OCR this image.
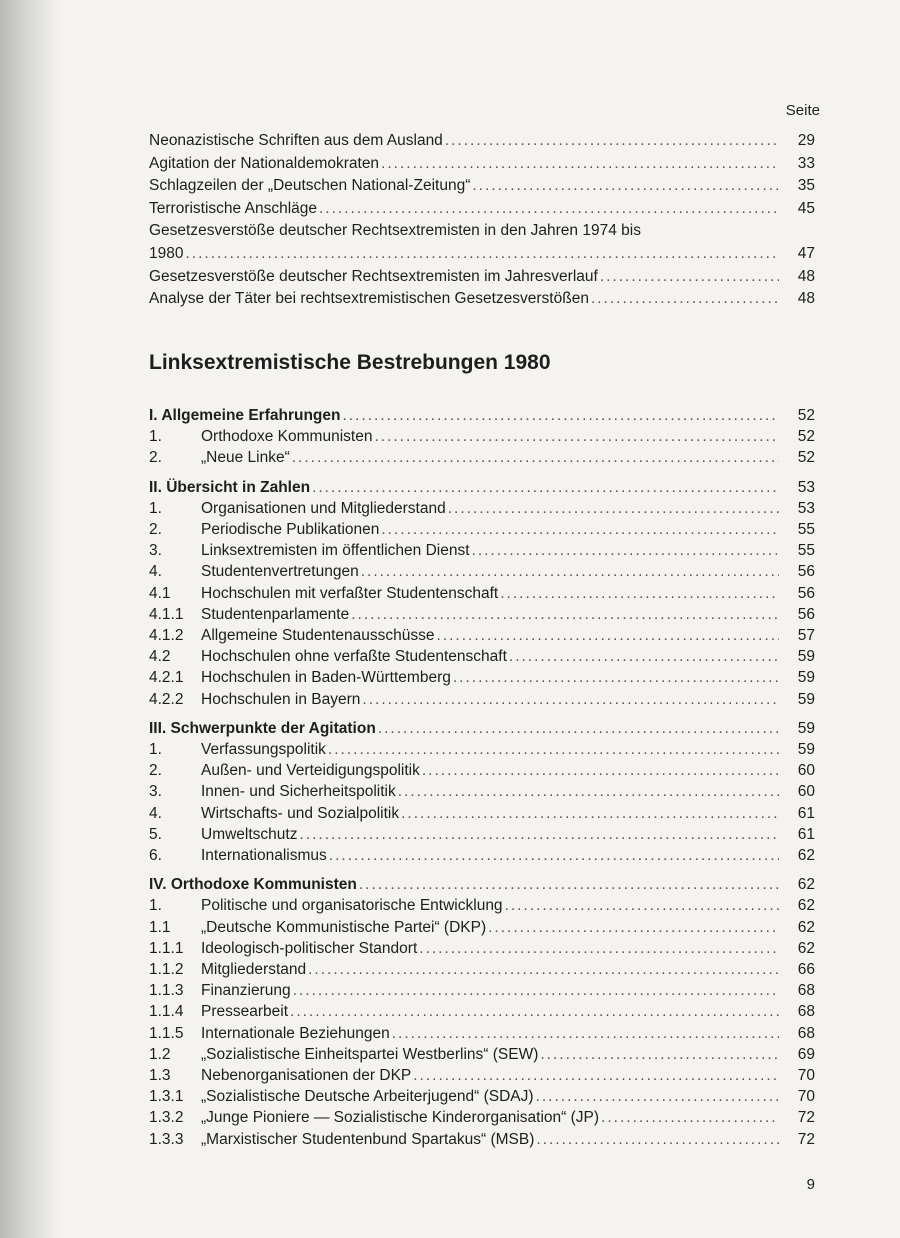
Seite
Neonazistische Schriften aus dem Ausland .....	29
Agitation der Nationaldemokraten .....	33
Schlagzeilen der „Deutschen National-Zeitung“ .....	35
Terroristische Anschläge .....	45
Gesetzesverstöße deutscher Rechtsextremisten in den Jahren 1974 bis
1980 .....	47
Gesetzesverstöße deutscher Rechtsextremisten im Jahresverlauf .....	48
Analyse der Täter bei rechtsextremistischen Gesetzesverstößen .....	48
Linksextremistische Bestrebungen 1980
I. Allgemeine Erfahrungen .....	52
1.	Orthodoxe Kommunisten .....	52
2.	„Neue Linke“ .....	52
II. Übersicht in Zahlen .....	53
1.	Organisationen und Mitgliederstand .....	53
2.	Periodische Publikationen .....	55
3.	Linksextremisten im öffentlichen Dienst .....	55
4.	Studentenvertretungen .....	56
4.1	Hochschulen mit verfaßter Studentenschaft .....	56
4.1.1	Studentenparlamente .....	56
4.1.2	Allgemeine Studentenausschüsse .....	57
4.2	Hochschulen ohne verfaßte Studentenschaft .....	59
4.2.1	Hochschulen in Baden-Württemberg .....	59
4.2.2	Hochschulen in Bayern .....	59
III. Schwerpunkte der Agitation .....	59
1.	Verfassungspolitik .....	59
2.	Außen- und Verteidigungspolitik .....	60
3.	Innen- und Sicherheitspolitik .....	60
4.	Wirtschafts- und Sozialpolitik .....	61
5.	Umweltschutz .....	61
6.	Internationalismus .....	62
IV. Orthodoxe Kommunisten .....	62
1.	Politische und organisatorische Entwicklung .....	62
1.1	„Deutsche Kommunistische Partei“ (DKP) .....	62
1.1.1	Ideologisch-politischer Standort .....	62
1.1.2	Mitgliederstand .....	66
1.1.3	Finanzierung .....	68
1.1.4	Pressearbeit .....	68
1.1.5	Internationale Beziehungen .....	68
1.2	„Sozialistische Einheitspartei Westberlins“ (SEW) .....	69
1.3	Nebenorganisationen der DKP .....	70
1.3.1	„Sozialistische Deutsche Arbeiterjugend“ (SDAJ) .....	70
1.3.2	„Junge Pioniere — Sozialistische Kinderorganisation“ (JP) .....	72
1.3.3	„Marxistischer Studentenbund Spartakus“ (MSB) .....	72
9
